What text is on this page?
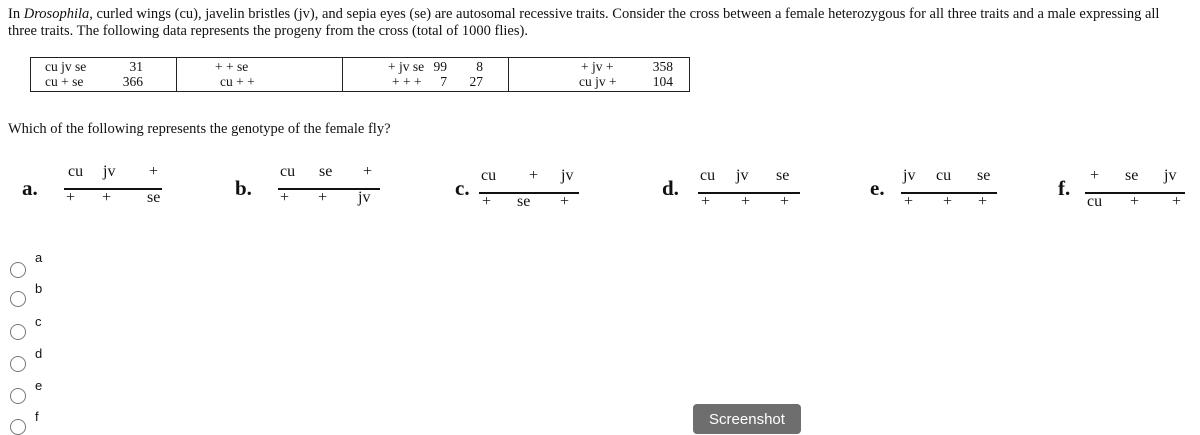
In Drosophila, curled wings (cu), javelin bristles (jv), and sepia eyes (se) are autosomal recessive traits. Consider the cross between a female heterozygous for all three traits and a male expressing all three traits. The following data represents the progeny from the cross (total of 1000 flies).

cu jv se	31
cu + se	366

+ + se	99
cu + +	7

+ jv se	8
+ + +	27

+ jv +	358
cu jv +	104

Which of the following represents the genotype of the female fly?

a.
cu jv +
+ + se	b.
cu se +
+ + jv	c.
cu + jv
+ se +
d.
cu jv se
+ + +
e.
jv cu se
+ + +
f.
+ se jv
cu + +
a
b
c
d
e
f	Screenshot
